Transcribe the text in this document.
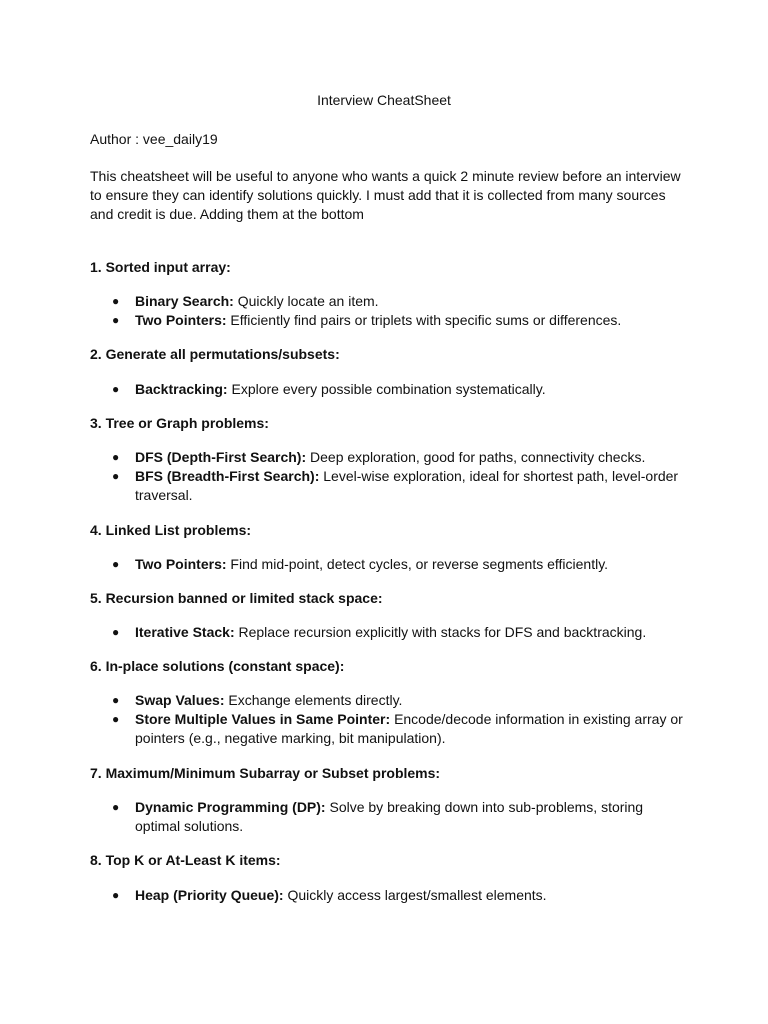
Interview CheatSheet

Author : vee_daily19

This cheatsheet will be useful to anyone who wants a quick 2 minute review before an interview to ensure they can identify solutions quickly. I must add that it is collected from many sources and credit is due. Adding them at the bottom

1. Sorted input array:

● Binary Search: Quickly locate an item.
● Two Pointers: Efficiently find pairs or triplets with specific sums or differences.

2. Generate all permutations/subsets:

● Backtracking: Explore every possible combination systematically.

3. Tree or Graph problems:

● DFS (Depth-First Search): Deep exploration, good for paths, connectivity checks.
● BFS (Breadth-First Search): Level-wise exploration, ideal for shortest path, level-order traversal.

4. Linked List problems:

● Two Pointers: Find mid-point, detect cycles, or reverse segments efficiently.

5. Recursion banned or limited stack space:

● Iterative Stack: Replace recursion explicitly with stacks for DFS and backtracking.

6. In-place solutions (constant space):

● Swap Values: Exchange elements directly.
● Store Multiple Values in Same Pointer: Encode/decode information in existing array or pointers (e.g., negative marking, bit manipulation).

7. Maximum/Minimum Subarray or Subset problems:

● Dynamic Programming (DP): Solve by breaking down into sub-problems, storing optimal solutions.

8. Top K or At-Least K items:

● Heap (Priority Queue): Quickly access largest/smallest elements.
